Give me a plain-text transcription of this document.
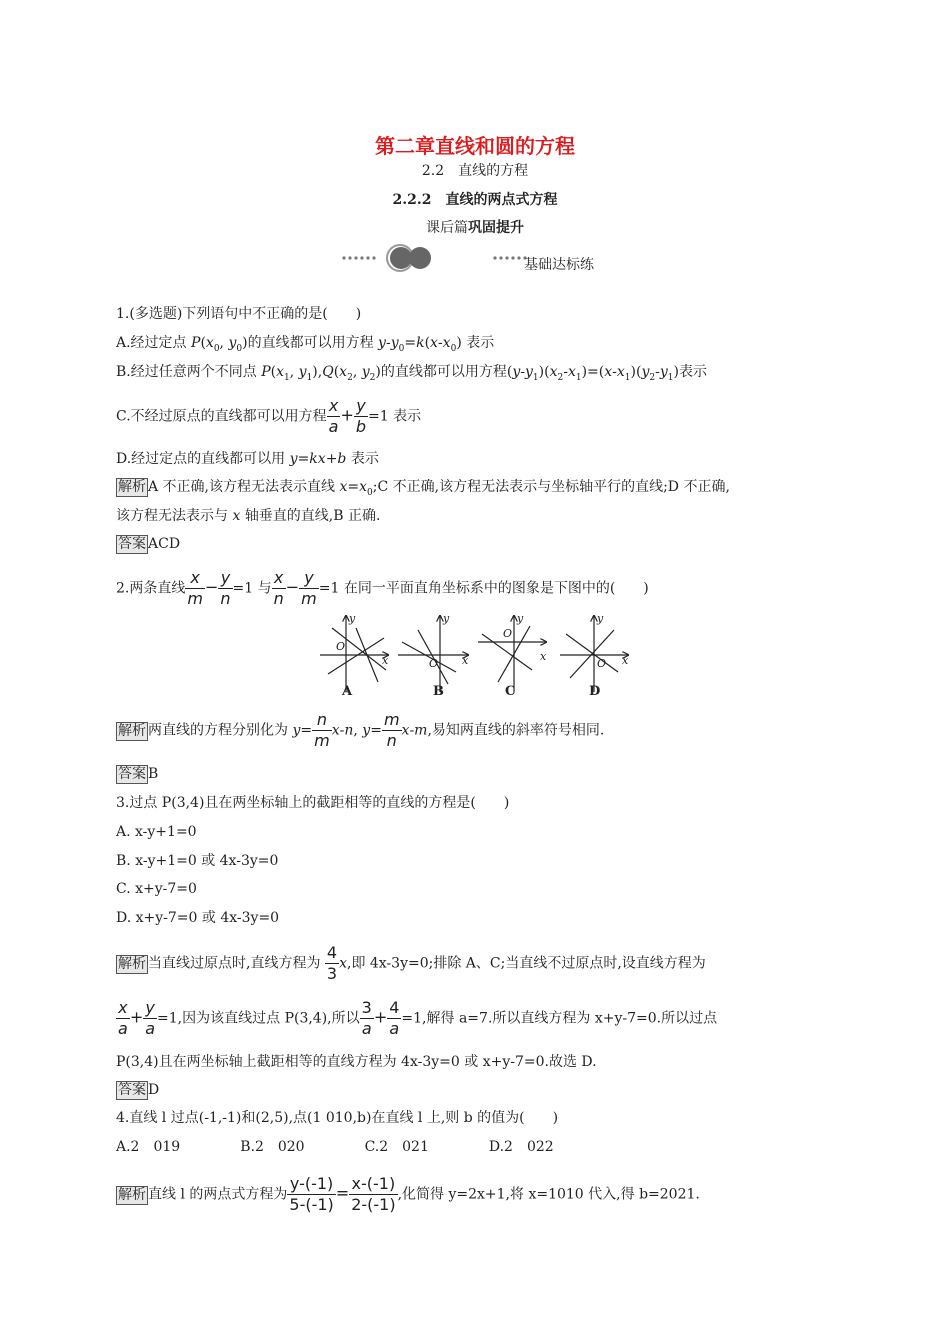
第二章直线和圆的方程
2.2　直线的方程
2.2.2　直线的两点式方程
课后篇巩固提升
基础达标练
1.(多选题)下列语句中不正确的是(　　)
A.经过定点 $P(x_0$, $y_0$)的直线都可以用方程 $y-y_0=k(x-x_0)$ 表示
B.经过任意两个不同点 $P(x_1$, $y_1),Q(x_2$, $y_2$)的直线都可以用方程$(y-y_1)(x_2-x_1)=(x-x_1)(y_2-y_1)$表示
C.不经过原点的直线都可以用方程 $\frac{x}{a} + \frac{y}{b} =1$ 表示
D.经过定点的直线都可以用 y=kx+b 表示
解析 A 不正确,该方程无法表示直线 $x=x_0;C$ 不正确,该方程无法表示与坐标轴平行的直线;D 不正确,
该方程无法表示与 x 轴垂直的直线,B 正确.
答案 ACD
2.两条直线 $\frac{x}{m} - \frac{y}{n} =1$ 与 $\frac{x}{n} - \frac{y}{m} =1$ 在同一平面直角坐标系中的图象是下图中的(　　)
O
x
y
O x
y
O
x
y
O x
y
A	B	C	D
解析 两直线的方程分别化为 $y= \frac{n}{m} x-n$, $y= \frac{m}{n} x-m$,易知两直线的斜率符号相同.
答案 B
3.过点 P(3,4)且在两坐标轴上的截距相等的直线的方程是(　　)
A. x-y+1=0
B. x-y+1=0 或 4x-3y=0
C. x+y-7=0
D. x+y-7=0 或 4x-3y=0
解析 当直线过原点时,直线方程为 $\frac{4}{3} x$,即 4x-3y=0;排除 A、C;当直线不过原点时,设直线方程为
$\frac{x}{a} + \frac{y}{a} =1$,因为该直线过点 P(3,4),所以 $\frac{3}{a} + \frac{4}{a} =1$,解得 a=7.所以直线方程为 x+y-7=0.所以过点
P(3,4)且在两坐标轴上截距相等的直线方程为 4x-3y=0 或 x+y-7=0.故选 D.
答案 D
4.直线 l 过点(-1,-1)和(2,5),点(1 010,b)在直线 l 上,则 b 的值为(　　)
A.2　019	B.2　020	C.2　021	D.2　022
解析 直线 l 的两点式方程为 $\frac{y-(-1)}{5-(-1)} = \frac{x-(-1)}{2-(-1)}$ ,化简得 y=2x+1,将 x=1010 代入,得 b=2021.
